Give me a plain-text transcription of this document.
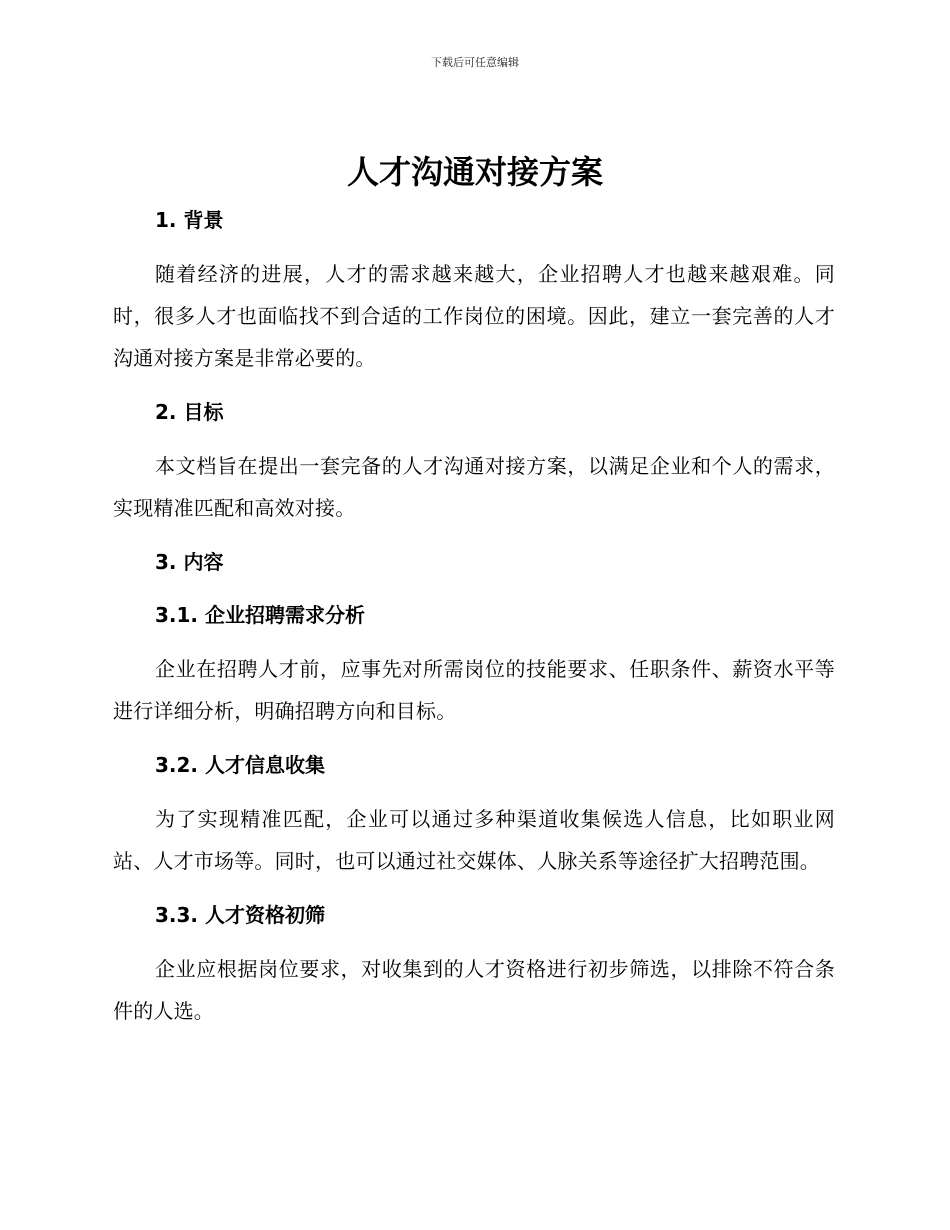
下载后可任意编辑
人才沟通对接方案
1. 背景

随着经济的进展，人才的需求越来越大，企业招聘人才也越来越艰难。同时，很多人才也面临找不到合适的工作岗位的困境。因此，建立一套完善的人才沟通对接方案是非常必要的。

2. 目标

本文档旨在提出一套完备的人才沟通对接方案，以满足企业和个人的需求，实现精准匹配和高效对接。

3. 内容
3.1. 企业招聘需求分析

企业在招聘人才前，应事先对所需岗位的技能要求、任职条件、薪资水平等进行详细分析，明确招聘方向和目标。

3.2. 人才信息收集

为了实现精准匹配，企业可以通过多种渠道收集候选人信息，比如职业网站、人才市场等。同时，也可以通过社交媒体、人脉关系等途径扩大招聘范围。

3.3. 人才资格初筛

企业应根据岗位要求，对收集到的人才资格进行初步筛选，以排除不符合条件的人选。
